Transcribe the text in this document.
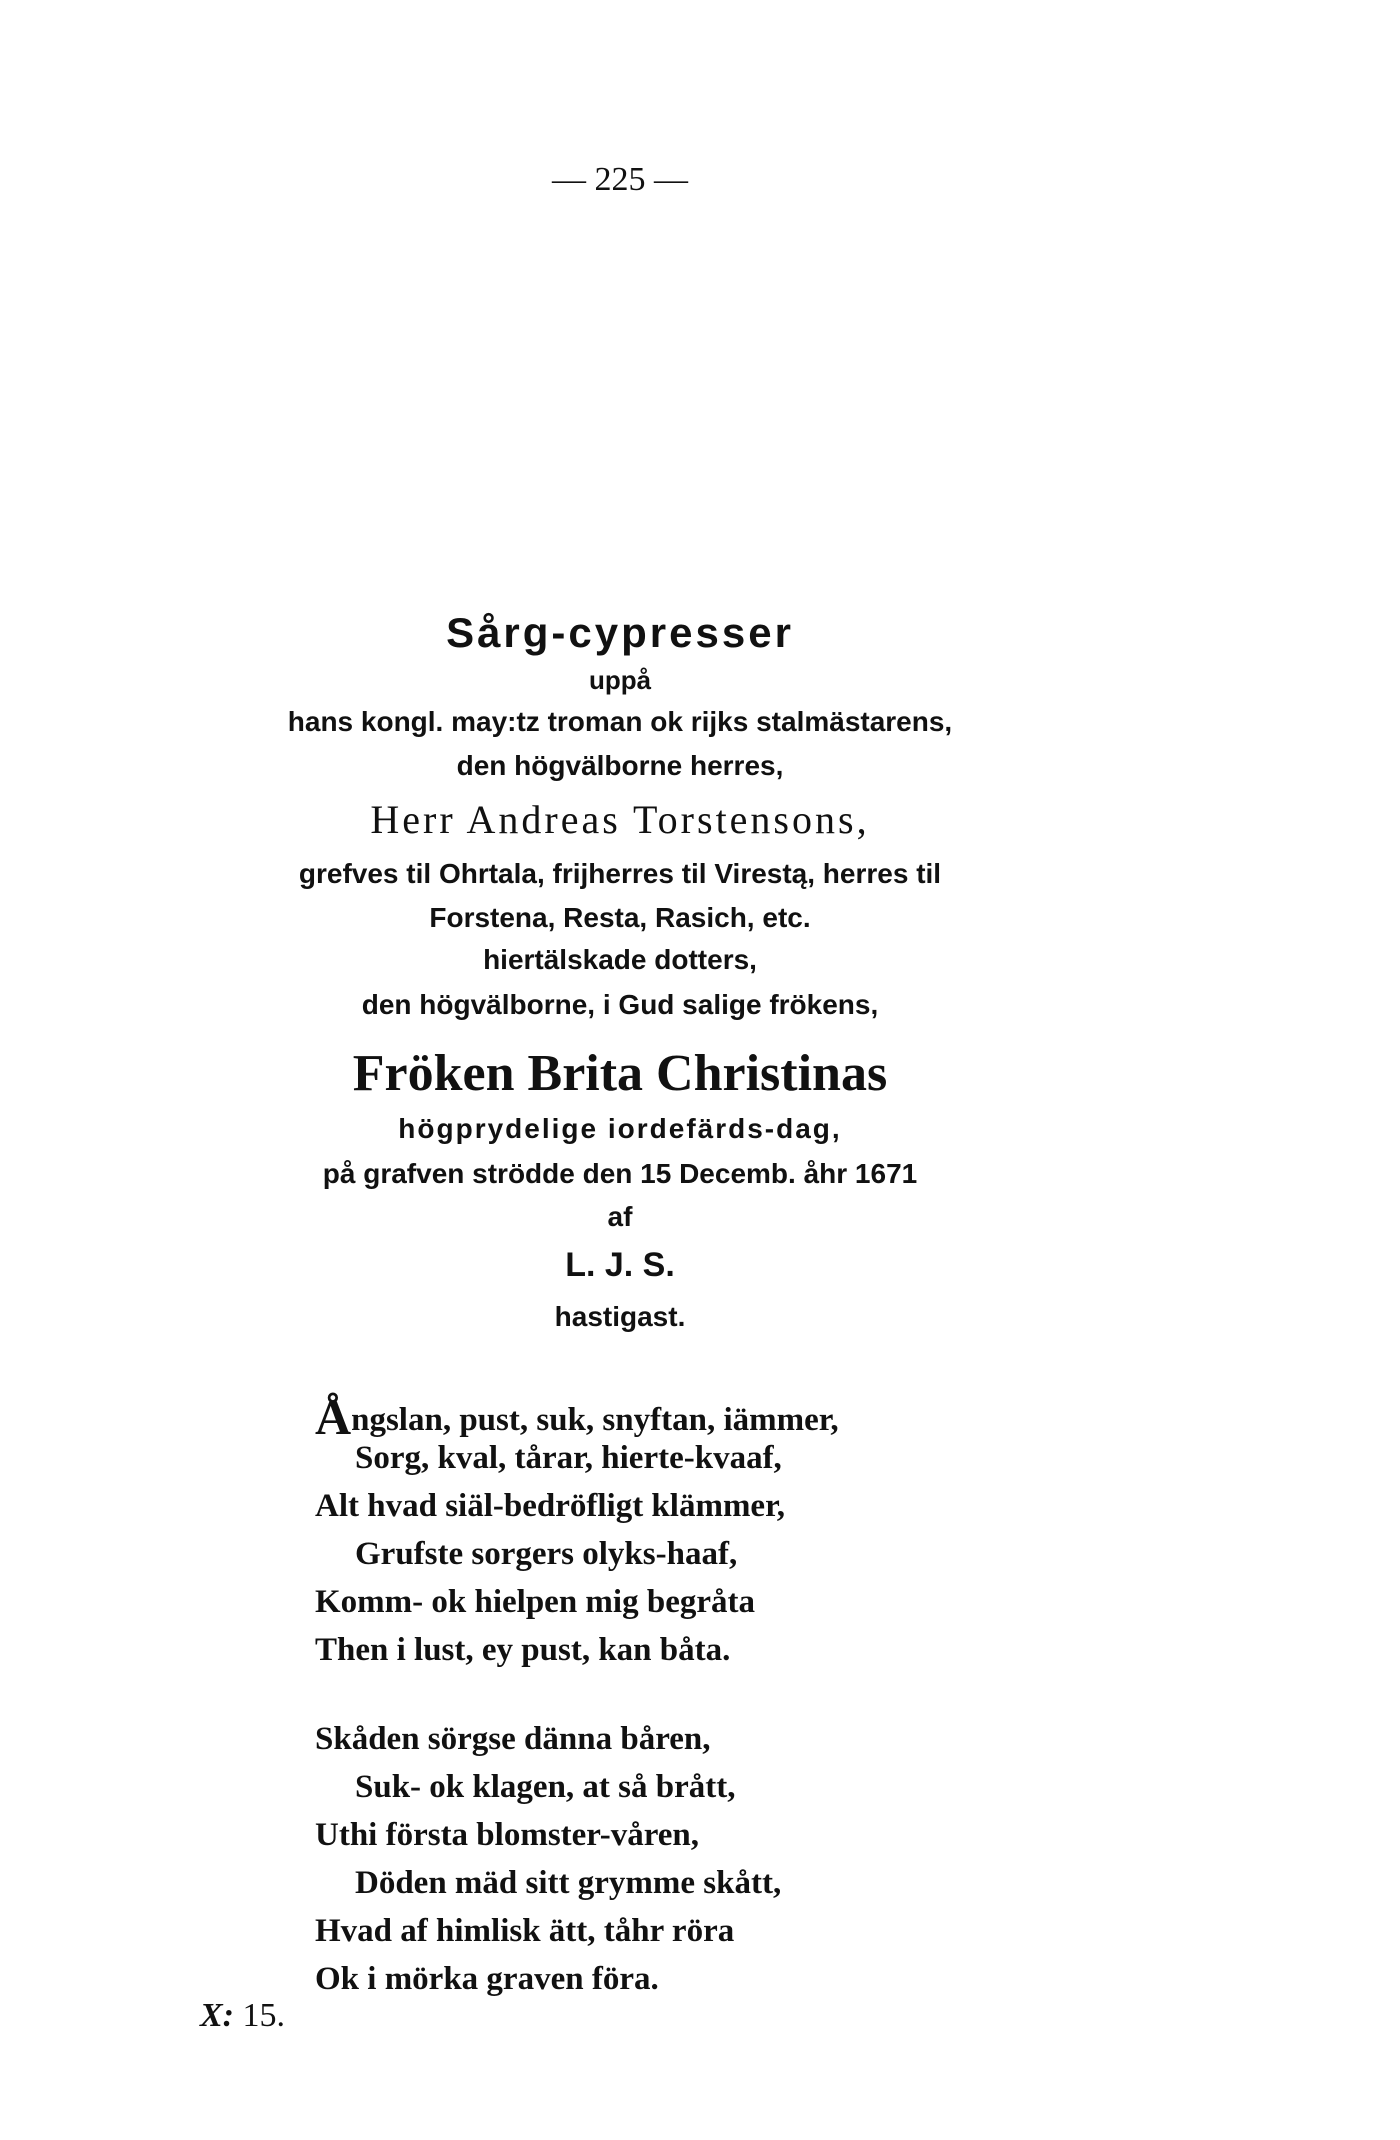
— 225 —
Sårg-cypresser
uppå
hans kongl. may:tz troman ok rijks stalmästarens,
den högvälborne herres,
Herr Andreas Torstensons,
grefves til Ohrtala, frijherres til Virestą, herres til
Forstena, Resta, Rasich, etc.
hiertälskade dotters,
den högvälborne, i Gud salige frökens,
Fröken Brita Christinas
högprydelige iordefärds-dag,
på grafven strödde den 15 Decemb. åhr 1671
af
L. J. S.
hastigast.
Ångslan, pust, suk, snyftan, iämmer,
Sorg, kval, tårar, hierte-kvaaf,
Alt hvad siäl-bedröfligt klämmer,
Grufste sorgers olyks-haaf,
Komm- ok hielpen mig begråta
Then i lust, ey pust, kan båta.
Skåden sörgse dänna båren,
Suk- ok klagen, at så brått,
Uthi första blomster-våren,
Döden mäd sitt grymme skått,
Hvad af himlisk ätt, tåhr röra
Ok i mörka graven föra.
X: 15.
